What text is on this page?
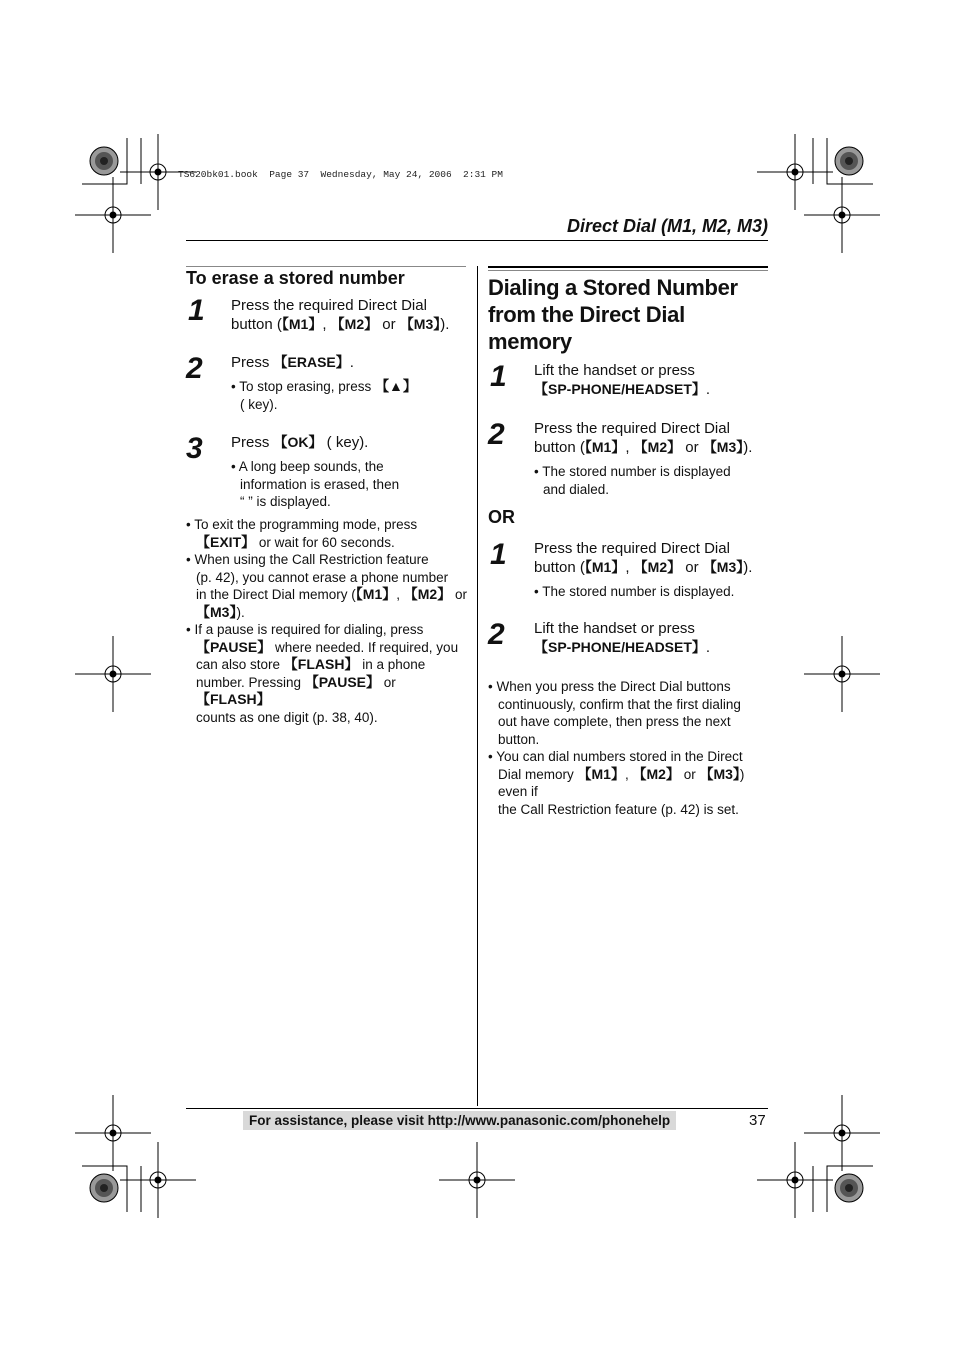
TS620bk01.book  Page 37  Wednesday, May 24, 2006  2:31 PM
Direct Dial (M1, M2, M3)
To erase a stored number
1 Press the required Direct Dial
button (【M1】, 【M2】 or 【M3】).
2 Press 【ERASE】.
• To stop erasing, press 【▲】
( key).
3 Press 【OK】 ( key).
• A long beep sounds, the
information is erased, then
“ ” is displayed.
• To exit the programming mode, press
【EXIT】 or wait for 60 seconds.
• When using the Call Restriction feature
(p. 42), you cannot erase a phone number
in the Direct Dial memory (【M1】, 【M2】 or
【M3】).
• If a pause is required for dialing, press
【PAUSE】 where needed. If required, you
can also store 【FLASH】 in a phone
number. Pressing 【PAUSE】 or 【FLASH】
counts as one digit (p. 38, 40).
Dialing a Stored Number
from the Direct Dial
memory
1 Lift the handset or press
【SP-PHONE/HEADSET】.
2 Press the required Direct Dial
button (【M1】, 【M2】 or 【M3】).
• The stored number is displayed
and dialed.
OR
1 Press the required Direct Dial
button (【M1】, 【M2】 or 【M3】).
• The stored number is displayed.
2 Lift the handset or press
【SP-PHONE/HEADSET】.
• When you press the Direct Dial buttons
continuously, confirm that the first dialing
out have complete, then press the next
button.
• You can dial numbers stored in the Direct
Dial memory 【M1】, 【M2】 or 【M3】) even if
the Call Restriction feature (p. 42) is set.
For assistance, please visit http://www.panasonic.com/phonehelp	37
